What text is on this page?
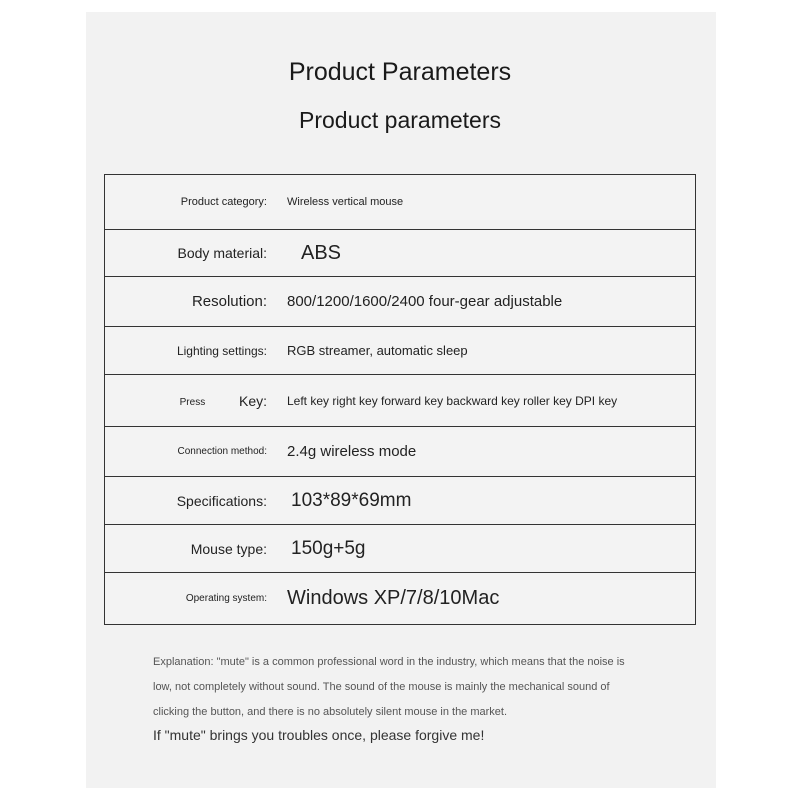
Product Parameters
Product parameters
Product category:	Wireless vertical mouse
Body material:	ABS
Resolution:	800/1200/1600/2400 four-gear adjustable
Lighting settings:	RGB streamer, automatic sleep
Press Key:	Left key right key forward key backward key roller key DPI key
Connection method:	2.4g wireless mode
Specifications:	103*89*69mm
Mouse type:	150g+5g
Operating system:	Windows XP/7/8/10Mac
Explanation: "mute" is a common professional word in the industry, which means that the noise is
low, not completely without sound. The sound of the mouse is mainly the mechanical sound of
clicking the button, and there is no absolutely silent mouse in the market.
If "mute" brings you troubles once, please forgive me!
